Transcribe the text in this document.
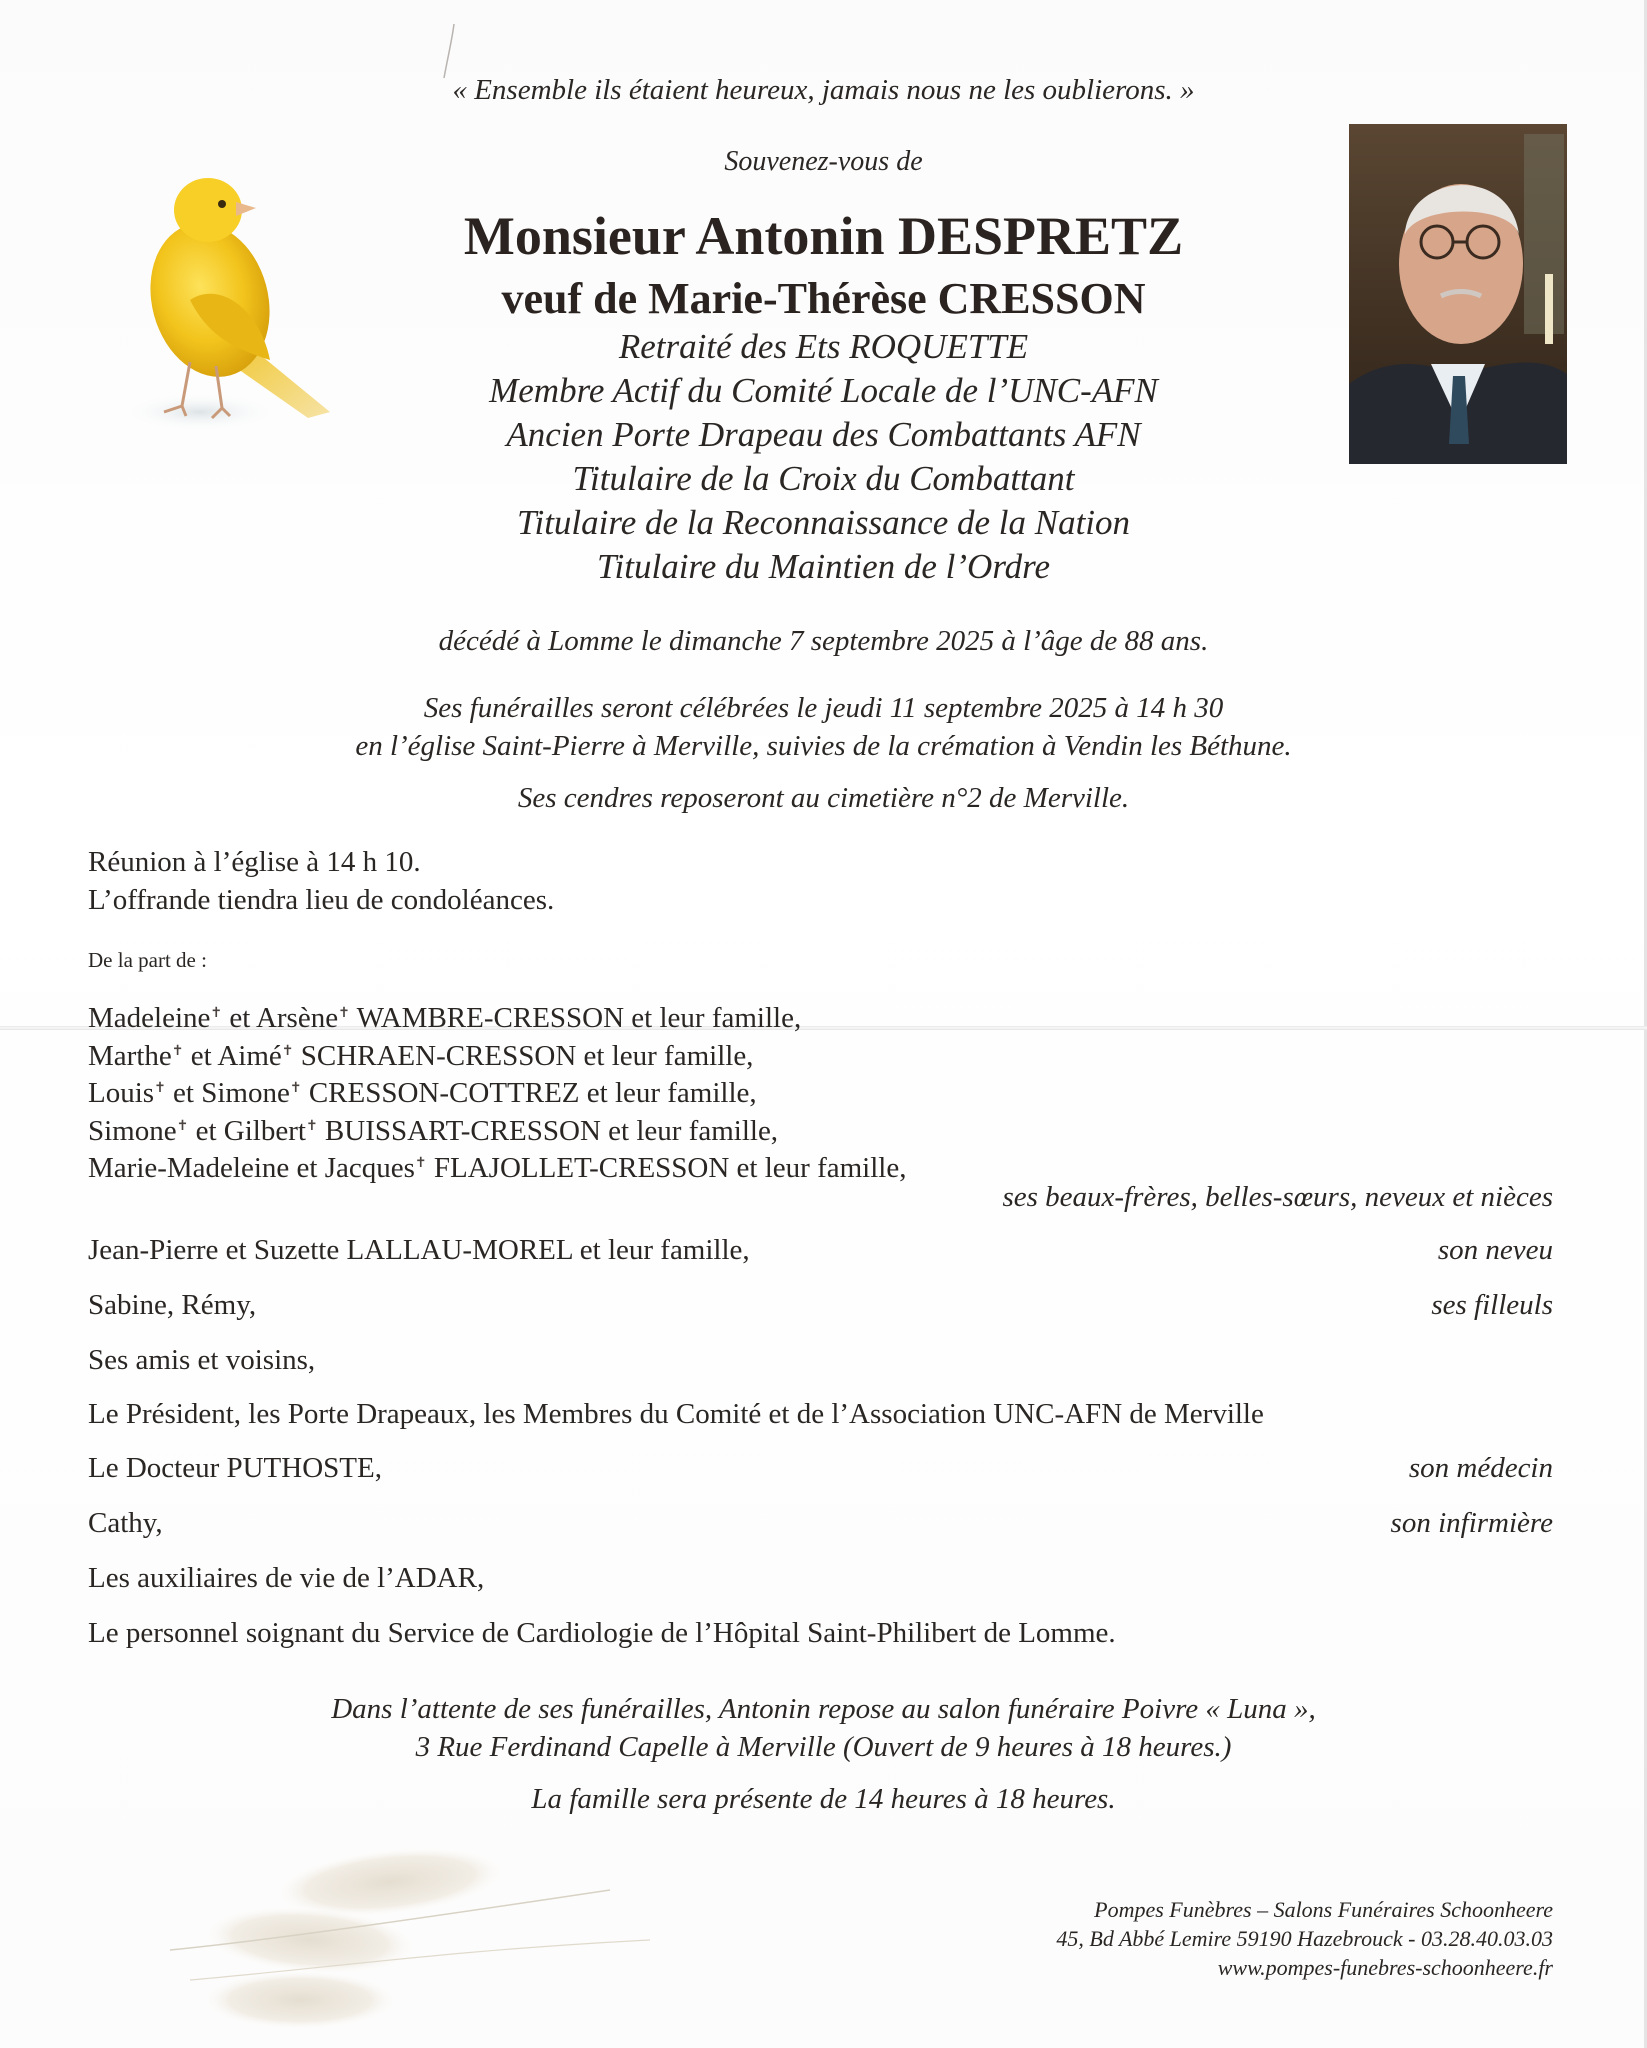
« Ensemble ils étaient heureux, jamais nous ne les oublierons. »
Souvenez-vous de
Monsieur Antonin DESPRETZ
veuf de Marie-Thérèse CRESSON
Retraité des Ets ROQUETTE
Membre Actif du Comité Locale de l’UNC-AFN
Ancien Porte Drapeau des Combattants AFN
Titulaire de la Croix du Combattant
Titulaire de la Reconnaissance de la Nation
Titulaire du Maintien de l’Ordre
décédé à Lomme le dimanche 7 septembre 2025 à l’âge de 88 ans.
Ses funérailles seront célébrées le jeudi 11 septembre 2025 à 14 h 30
en l’église Saint-Pierre à Merville, suivies de la crémation à Vendin les Béthune.
Ses cendres reposeront au cimetière n°2 de Merville.
Réunion à l’église à 14 h 10.
L’offrande tiendra lieu de condoléances.
De la part de :
Madeleine✝ et Arsène✝ WAMBRE-CRESSON et leur famille,
Marthe✝ et Aimé✝ SCHRAEN-CRESSON et leur famille,
Louis✝ et Simone✝ CRESSON-COTTREZ et leur famille,
Simone✝ et Gilbert✝ BUISSART-CRESSON et leur famille,
Marie-Madeleine et Jacques✝ FLAJOLLET-CRESSON et leur famille,
ses beaux-frères, belles-sœurs, neveux et nièces
Jean-Pierre et Suzette LALLAU-MOREL et leur famille,	son neveu
Sabine, Rémy,	ses filleuls
Ses amis et voisins,
Le Président, les Porte Drapeaux, les Membres du Comité et de l’Association UNC-AFN de Merville
Le Docteur PUTHOSTE,	son médecin
Cathy,	son infirmière
Les auxiliaires de vie de l’ADAR,
Le personnel soignant du Service de Cardiologie de l’Hôpital Saint-Philibert de Lomme.
Dans l’attente de ses funérailles, Antonin repose au salon funéraire Poivre « Luna »,
3 Rue Ferdinand Capelle à Merville (Ouvert de 9 heures à 18 heures.)
La famille sera présente de 14 heures à 18 heures.
Pompes Funèbres – Salons Funéraires Schoonheere
45, Bd Abbé Lemire 59190 Hazebrouck - 03.28.40.03.03
www.pompes-funebres-schoonheere.fr
